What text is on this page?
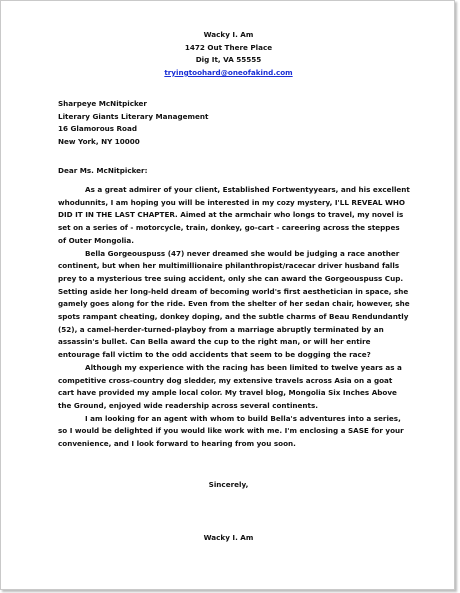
Wacky I. Am
1472 Out There Place
Dig It, VA 55555
tryingtoohard@oneofakind.com
Sharpeye McNitpicker
Literary Giants Literary Management
16 Glamorous Road
New York, NY 10000
Dear Ms. McNitpicker:

As a great admirer of your client, Established Fortwentyyears, and his excellent whodunnits, I am hoping you will be interested in my cozy mystery, I'LL REVEAL WHO DID IT IN THE LAST CHAPTER. Aimed at the armchair who longs to travel, my novel is set on a series of - motorcycle, train, donkey, go-cart - careering across the steppes of Outer Mongolia.

Bella Gorgeouspuss (47) never dreamed she would be judging a race another continent, but when her multimillionaire philanthropist/racecar driver husband falls prey to a mysterious tree suing accident, only she can award the Gorgeouspuss Cup. Setting aside her long-held dream of becoming world's first aesthetician in space, she gamely goes along for the ride. Even from the shelter of her sedan chair, however, she spots rampant cheating, donkey doping, and the subtle charms of Beau Rendundantly (52), a camel-herder-turned-playboy from a marriage abruptly terminated by an assassin's bullet. Can Bella award the cup to the right man, or will her entire entourage fall victim to the odd accidents that seem to be dogging the race?

Although my experience with the racing has been limited to twelve years as a competitive cross-country dog sledder, my extensive travels across Asia on a goat cart have provided my ample local color. My travel blog, Mongolia Six Inches Above the Ground, enjoyed wide readership across several continents.

I am looking for an agent with whom to build Bella's adventures into a series, so I would be delighted if you would like work with me. I'm enclosing a SASE for your convenience, and I look forward to hearing from you soon.

Sincerely,
Wacky I. Am
